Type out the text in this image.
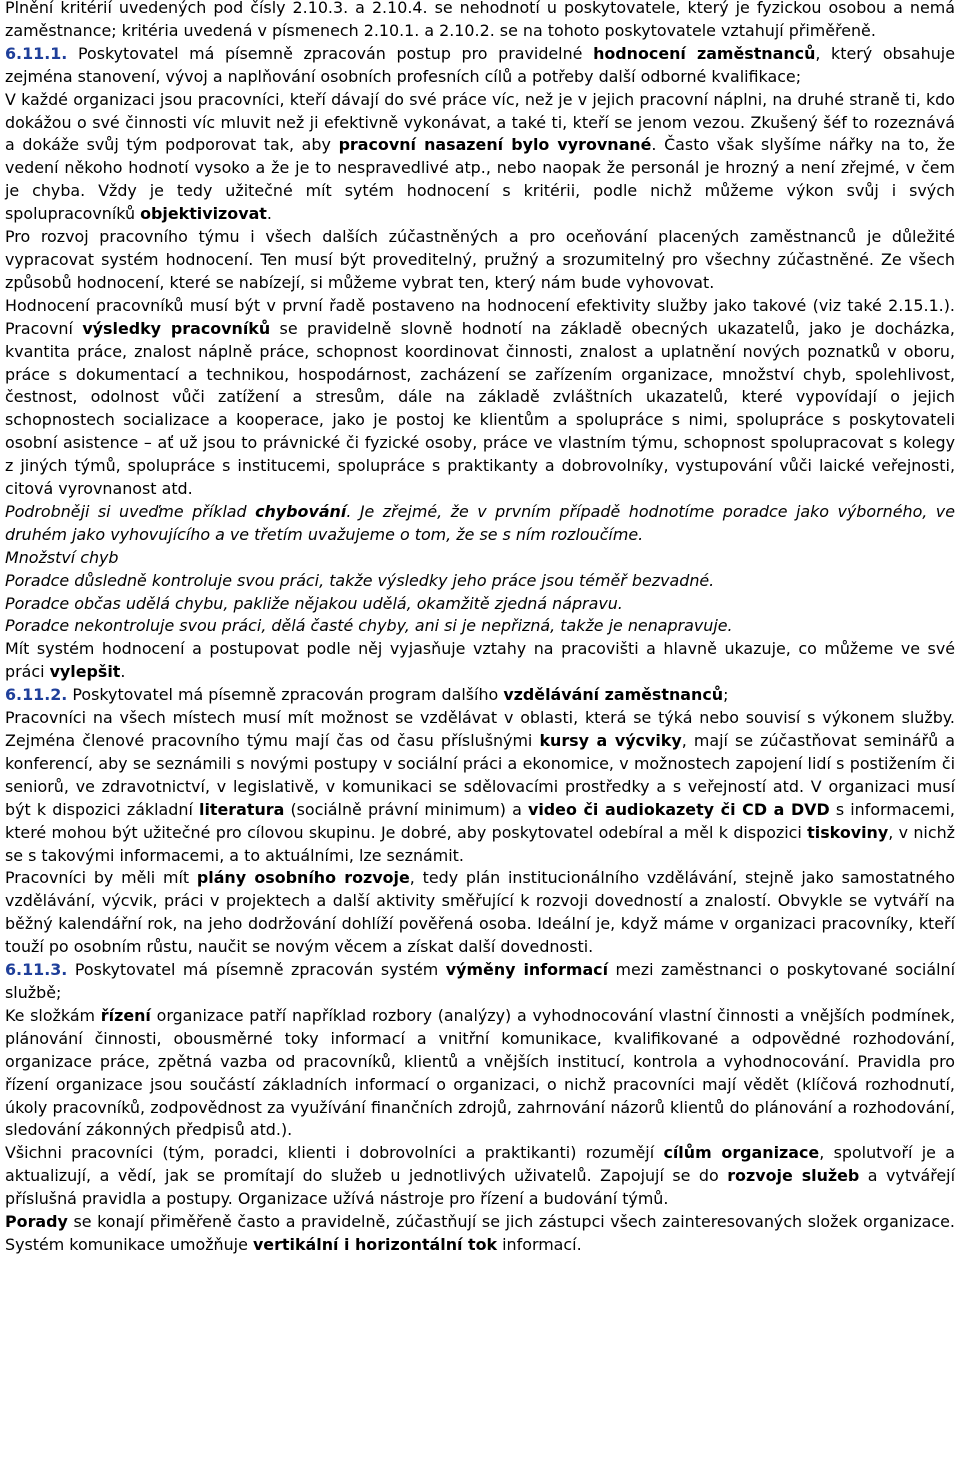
Plnění kritérií uvedených pod čísly 2.10.3. a 2.10.4. se nehodnotí u poskytovatele, který je fyzickou osobou a nemá zaměstnance; kritéria uvedená v písmenech 2.10.1. a 2.10.2. se na tohoto poskytovatele vztahují přiměřeně.

6.11.1. Poskytovatel má písemně zpracován postup pro pravidelné hodnocení zaměstnanců, který obsahuje zejména stanovení, vývoj a naplňování osobních profesních cílů a potřeby další odborné kvalifikace;

V každé organizaci jsou pracovníci, kteří dávají do své práce víc, než je v jejich pracovní náplni, na druhé straně ti, kdo dokážou o své činnosti víc mluvit než ji efektivně vykonávat, a také ti, kteří se jenom vezou. Zkušený šéf to rozeznává a dokáže svůj tým podporovat tak, aby pracovní nasazení bylo vyrovnané. Často však slyšíme nářky na to, že vedení někoho hodnotí vysoko a že je to nespravedlivé atp., nebo naopak že personál je hrozný a není zřejmé, v čem je chyba. Vždy je tedy užitečné mít sytém hodnocení s kritérii, podle nichž můžeme výkon svůj i svých spolupracovníků objektivizovat.

Pro rozvoj pracovního týmu i všech dalších zúčastněných a pro oceňování placených zaměstnanců je důležité vypracovat systém hodnocení. Ten musí být proveditelný, pružný a srozumitelný pro všechny zúčastněné. Ze všech způsobů hodnocení, které se nabízejí, si můžeme vybrat ten, který nám bude vyhovovat.

Hodnocení pracovníků musí být v první řadě postaveno na hodnocení efektivity služby jako takové (viz také 2.15.1.). Pracovní výsledky pracovníků se pravidelně slovně hodnotí na základě obecných ukazatelů, jako je docházka, kvantita práce, znalost náplně práce, schopnost koordinovat činnosti, znalost a uplatnění nových poznatků v oboru, práce s dokumentací a technikou, hospodárnost, zacházení se zařízením organizace, množství chyb, spolehlivost, čestnost, odolnost vůči zatížení a stresům, dále na základě zvláštních ukazatelů, které vypovídají o jejich schopnostech socializace a kooperace, jako je postoj ke klientům a spolupráce s nimi, spolupráce s poskytovateli osobní asistence – ať už jsou to právnické či fyzické osoby, práce ve vlastním týmu, schopnost spolupracovat s kolegy z jiných týmů, spolupráce s institucemi, spolupráce s praktikanty a dobrovolníky, vystupování vůči laické veřejnosti, citová vyrovnanost atd.

Podrobněji si uveďme příklad chybování. Je zřejmé, že v prvním případě hodnotíme poradce jako výborného, ve druhém jako vyhovujícího a ve třetím uvažujeme o tom, že se s ním rozloučíme.

Množství chyb

Poradce důsledně kontroluje svou práci, takže výsledky jeho práce jsou téměř bezvadné.

Poradce občas udělá chybu, pakliže nějakou udělá, okamžitě zjedná nápravu.

Poradce nekontroluje svou práci, dělá časté chyby, ani si je nepřizná, takže je nenapravuje.

Mít systém hodnocení a postupovat podle něj vyjasňuje vztahy na pracovišti a hlavně ukazuje, co můžeme ve své práci vylepšit.

6.11.2. Poskytovatel má písemně zpracován program dalšího vzdělávání zaměstnanců;

Pracovníci na všech místech musí mít možnost se vzdělávat v oblasti, která se týká nebo souvisí s výkonem služby. Zejména členové pracovního týmu mají čas od času příslušnými kursy a výcviky, mají se zúčastňovat seminářů a konferencí, aby se seznámili s novými postupy v sociální práci a ekonomice, v možnostech zapojení lidí s postižením či seniorů, ve zdravotnictví, v legislativě, v komunikaci se sdělovacími prostředky a s veřejností atd. V organizaci musí být k dispozici základní literatura (sociálně právní minimum) a video či audiokazety či CD a DVD s informacemi, které mohou být užitečné pro cílovou skupinu. Je dobré, aby poskytovatel odebíral a měl k dispozici tiskoviny, v nichž se s takovými informacemi, a to aktuálními, lze seznámit.

Pracovníci by měli mít plány osobního rozvoje, tedy plán institucionálního vzdělávání, stejně jako samostatného vzdělávání, výcvik, práci v projektech a další aktivity směřující k rozvoji dovedností a znalostí. Obvykle se vytváří na běžný kalendářní rok, na jeho dodržování dohlíží pověřená osoba. Ideální je, když máme v organizaci pracovníky, kteří touží po osobním růstu, naučit se novým věcem a získat další dovednosti.

6.11.3. Poskytovatel má písemně zpracován systém výměny informací mezi zaměstnanci o poskytované sociální službě;

Ke složkám řízení organizace patří například rozbory (analýzy) a vyhodnocování vlastní činnosti a vnějších podmínek, plánování činnosti, obousměrné toky informací a vnitřní komunikace, kvalifikované a odpovědné rozhodování, organizace práce, zpětná vazba od pracovníků, klientů a vnějších institucí, kontrola a vyhodnocování. Pravidla pro řízení organizace jsou součástí základních informací o organizaci, o nichž pracovníci mají vědět (klíčová rozhodnutí, úkoly pracovníků, zodpovědnost za využívání finančních zdrojů, zahrnování názorů klientů do plánování a rozhodování, sledování zákonných předpisů atd.).

Všichni pracovníci (tým, poradci, klienti i dobrovolníci a praktikanti) rozumějí cílům organizace, spolutvoří je a aktualizují, a vědí, jak se promítají do služeb u jednotlivých uživatelů. Zapojují se do rozvoje služeb a vytvářejí příslušná pravidla a postupy. Organizace užívá nástroje pro řízení a budování týmů.

Porady se konají přiměřeně často a pravidelně, zúčastňují se jich zástupci všech zainteresovaných složek organizace. Systém komunikace umožňuje vertikální i horizontální tok informací.
